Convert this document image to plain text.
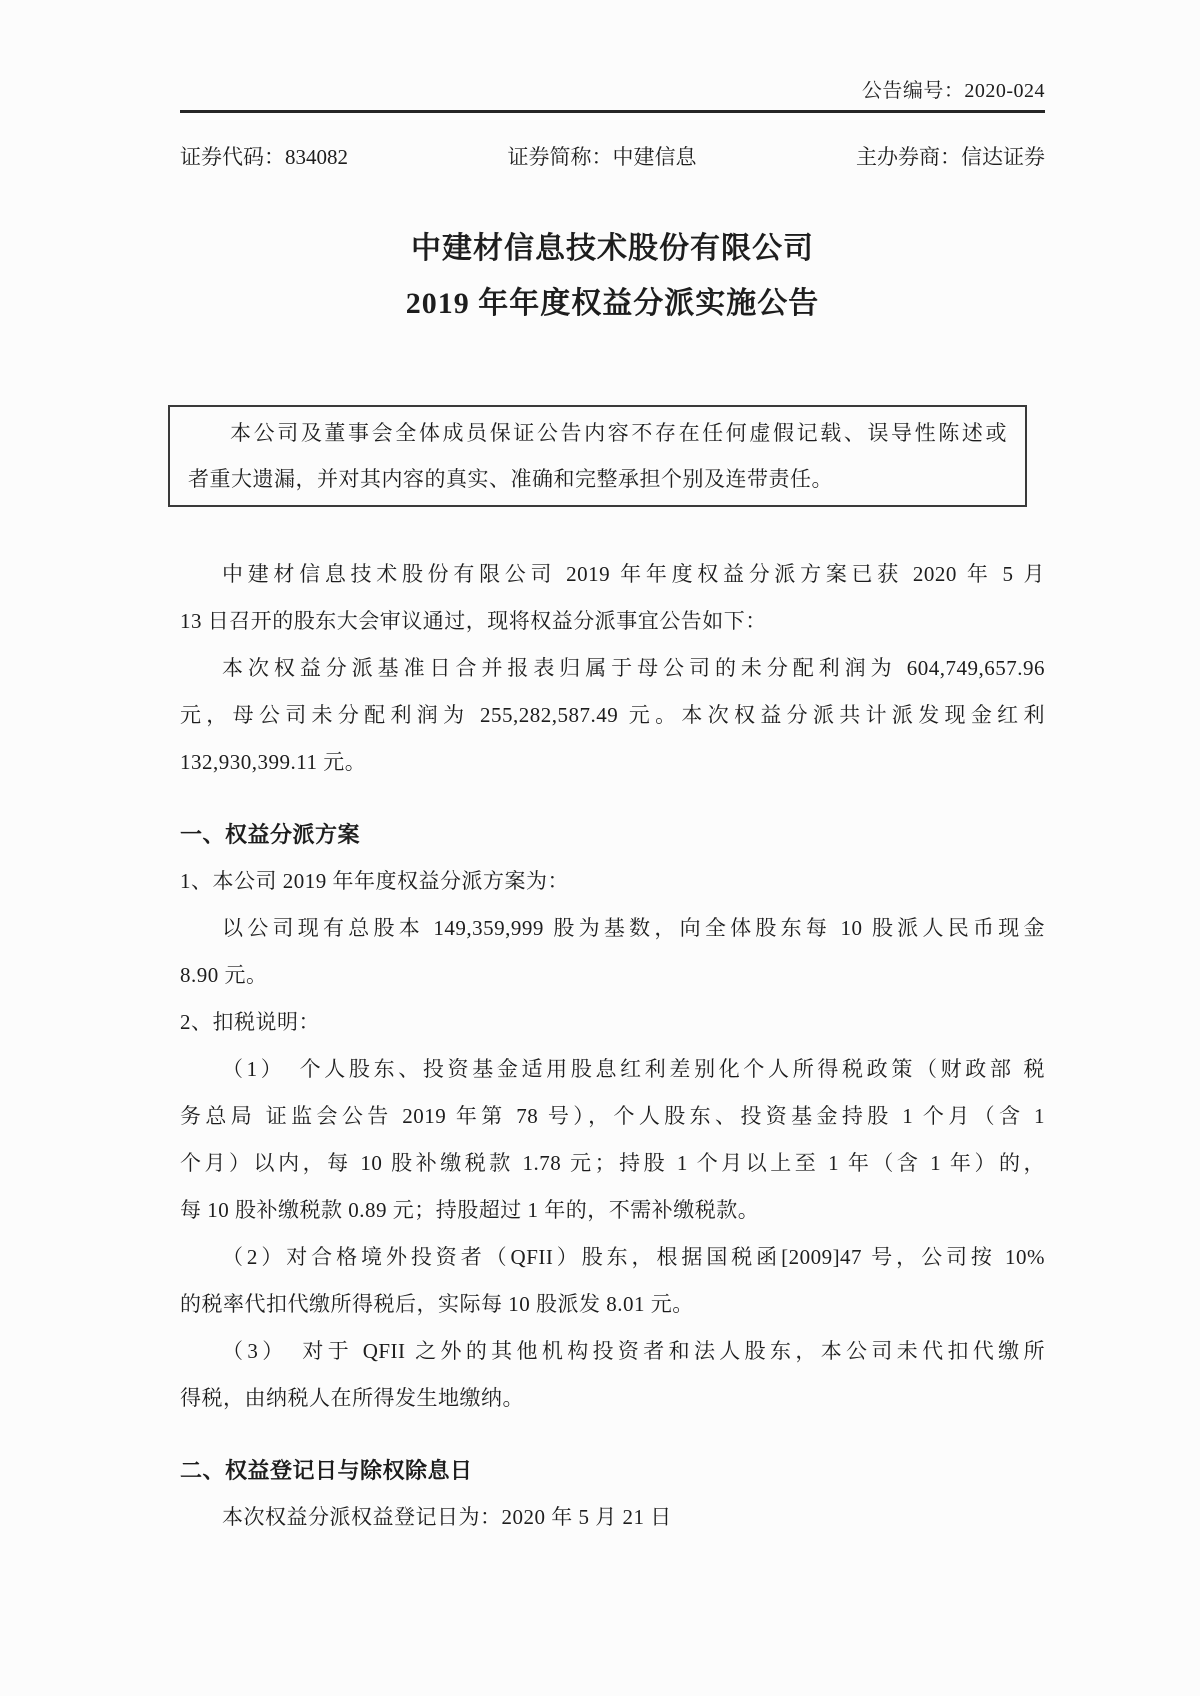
公告编号：2020-024
证券代码：834082	证券简称：中建信息	主办券商：信达证券
中建材信息技术股份有限公司
2019 年年度权益分派实施公告
本公司及董事会全体成员保证公告内容不存在任何虚假记载、误导性陈述或
者重大遗漏，并对其内容的真实、准确和完整承担个别及连带责任。
中建材信息技术股份有限公司 2019 年年度权益分派方案已获 2020 年 5 月
13 日召开的股东大会审议通过，现将权益分派事宜公告如下：
本次权益分派基准日合并报表归属于母公司的未分配利润为 604,749,657.96
元，母公司未分配利润为 255,282,587.49 元。本次权益分派共计派发现金红利
132,930,399.11 元。
一、权益分派方案
1、本公司 2019 年年度权益分派方案为：
以公司现有总股本 149,359,999 股为基数，向全体股东每 10 股派人民币现金
8.90 元。
2、扣税说明：
（1）　个人股东、投资基金适用股息红利差别化个人所得税政策（财政部 税
务总局 证监会公告 2019 年第 78 号），个人股东、投资基金持股 1 个月（含 1
个月）以内，每 10 股补缴税款 1.78 元；持股 1 个月以上至 1 年（含 1 年）的，
每 10 股补缴税款 0.89 元；持股超过 1 年的，不需补缴税款。
（2）对合格境外投资者（QFII）股东，根据国税函[2009]47 号，公司按 10%
的税率代扣代缴所得税后，实际每 10 股派发 8.01 元。
（3）　对于 QFII 之外的其他机构投资者和法人股东，本公司未代扣代缴所
得税，由纳税人在所得发生地缴纳。
二、权益登记日与除权除息日
本次权益分派权益登记日为：2020 年 5 月 21 日
